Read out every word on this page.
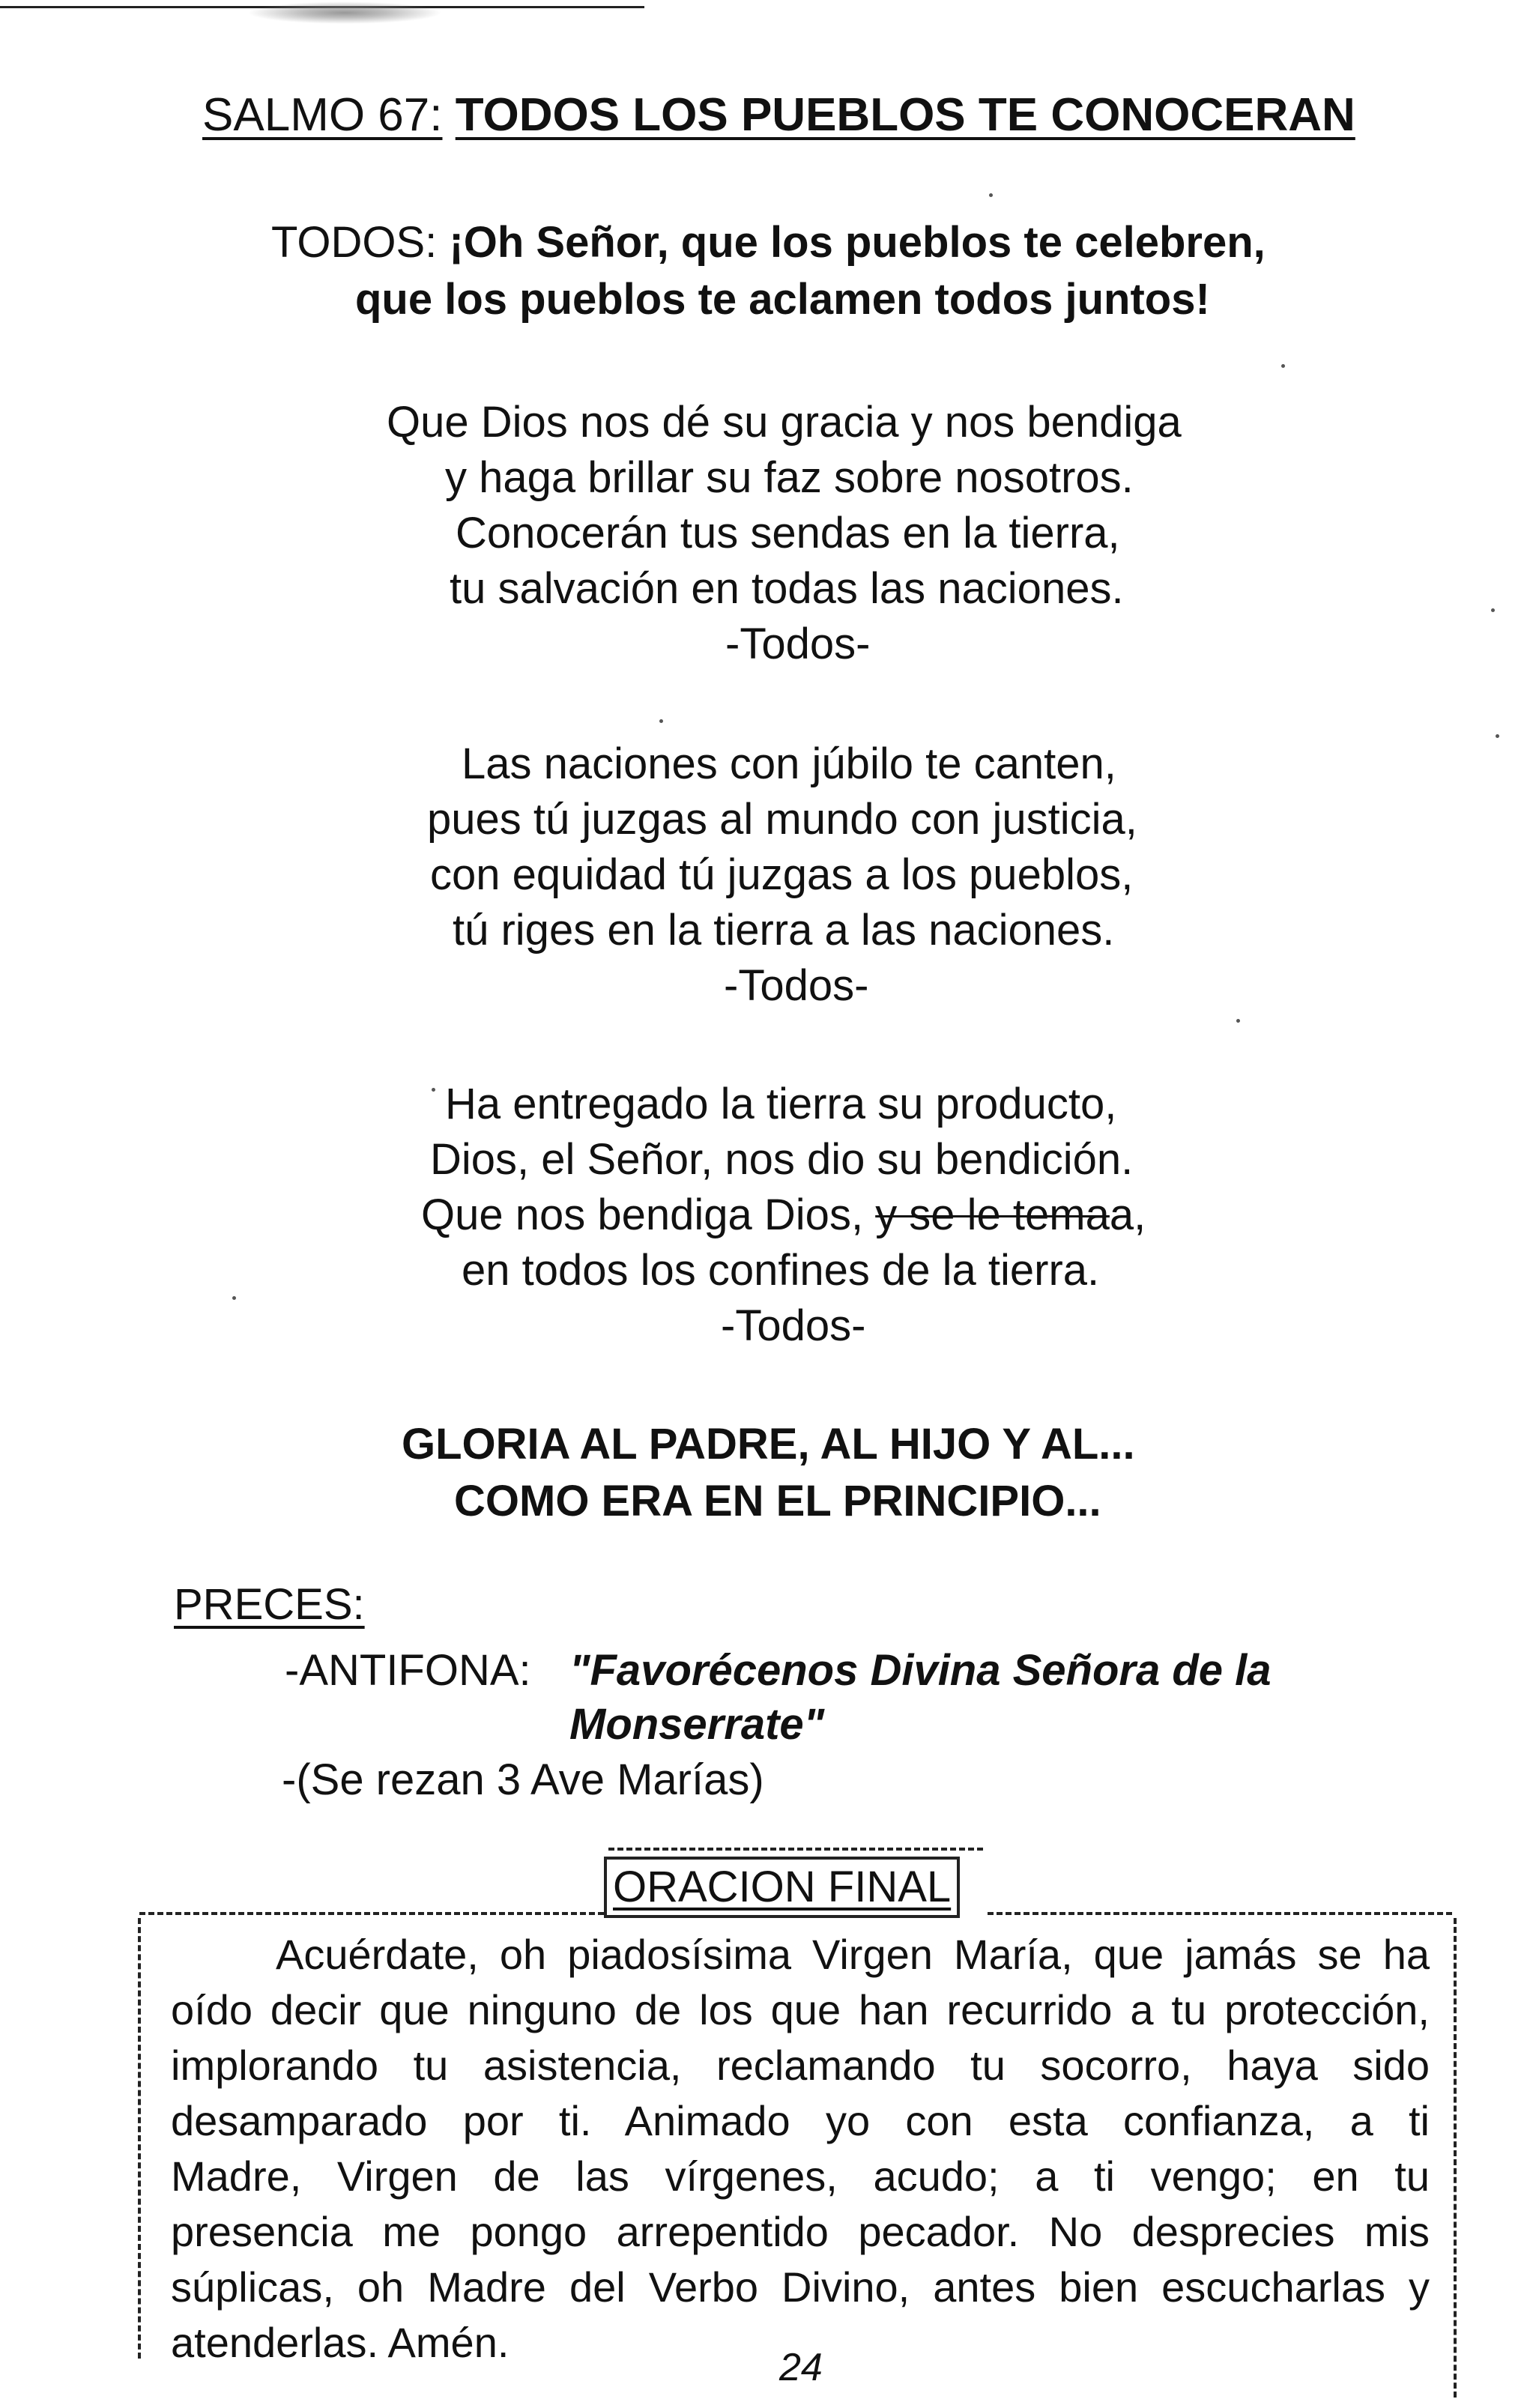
SALMO 67: TODOS LOS PUEBLOS TE CONOCERAN
TODOS: ¡Oh Señor, que los pueblos te celebren,
que los pueblos te aclamen todos juntos!
Que Dios nos dé su gracia y nos bendiga
y haga brillar su faz sobre nosotros.
Conocerán tus sendas en la tierra,
tu salvación en todas las naciones.
-Todos-
Las naciones con júbilo te canten,
pues tú juzgas al mundo con justicia,
con equidad tú juzgas a los pueblos,
tú riges en la tierra a las naciones.
-Todos-
Ha entregado la tierra su producto,
Dios, el Señor, nos dio su bendición.
Que nos bendiga Dios, y se le temaa,
en todos los confines de la tierra.
-Todos-
GLORIA AL PADRE, AL HIJO Y AL...
COMO ERA EN EL PRINCIPIO...
PRECES:
-ANTIFONA: "Favorécenos Divina Señora de la
Monserrate"
-(Se rezan 3 Ave Marías)
ORACION FINAL
Acuérdate, oh piadosísima Virgen María, que jamás se ha
oído decir que ninguno de los que han recurrido a tu protección,
implorando tu asistencia, reclamando tu socorro, haya sido
desamparado por ti. Animado yo con esta confianza, a ti
Madre, Virgen de las vírgenes, acudo; a ti vengo; en tu
presencia me pongo arrepentido pecador. No desprecies mis
súplicas, oh Madre del Verbo Divino, antes bien escucharlas y
atenderlas. Amén.
24
